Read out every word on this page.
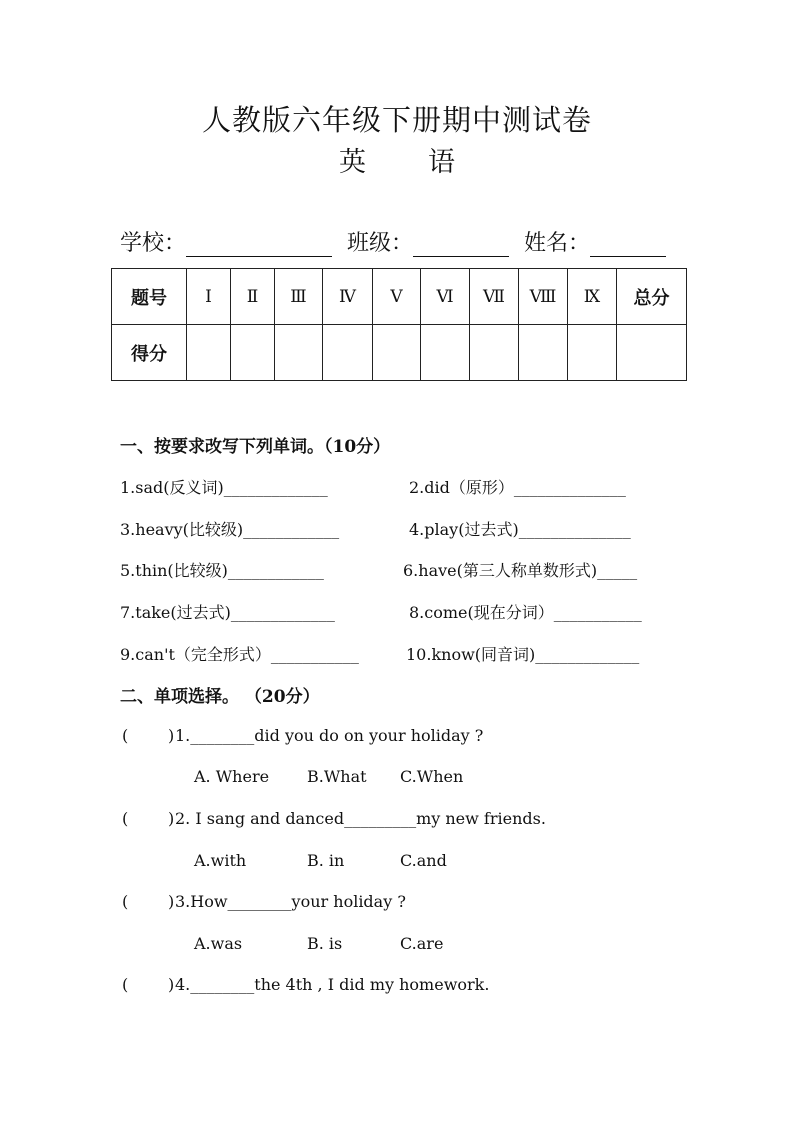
人教版六年级下册期中测试卷
英 语
学校：	班级：	姓名：
题号	Ⅰ	Ⅱ	Ⅲ	Ⅳ	Ⅴ	Ⅵ	Ⅶ	Ⅷ	Ⅸ	总分
得分										
一、按要求改写下列单词。（10分）
1.sad(反义词)_____________	2.did（原形）______________
3.heavy(比较级)____________	4.play(过去式)______________
5.thin(比较级)____________	6.have(第三人称单数形式)_____
7.take(过去式)_____________	8.come(现在分词）___________
9.can't（完全形式）___________	10.know(同音词)_____________
二、单项选择。 （20分）
( ) 1.________did you do on your holiday ?
A. Where B.What C.When
( ) 2. I sang and danced_________my new friends.
A.with	B. in	C.and
( ) 3.How________your holiday ?
A.was	B. is	C.are
( ) 4.________the 4th , I did my homework.
